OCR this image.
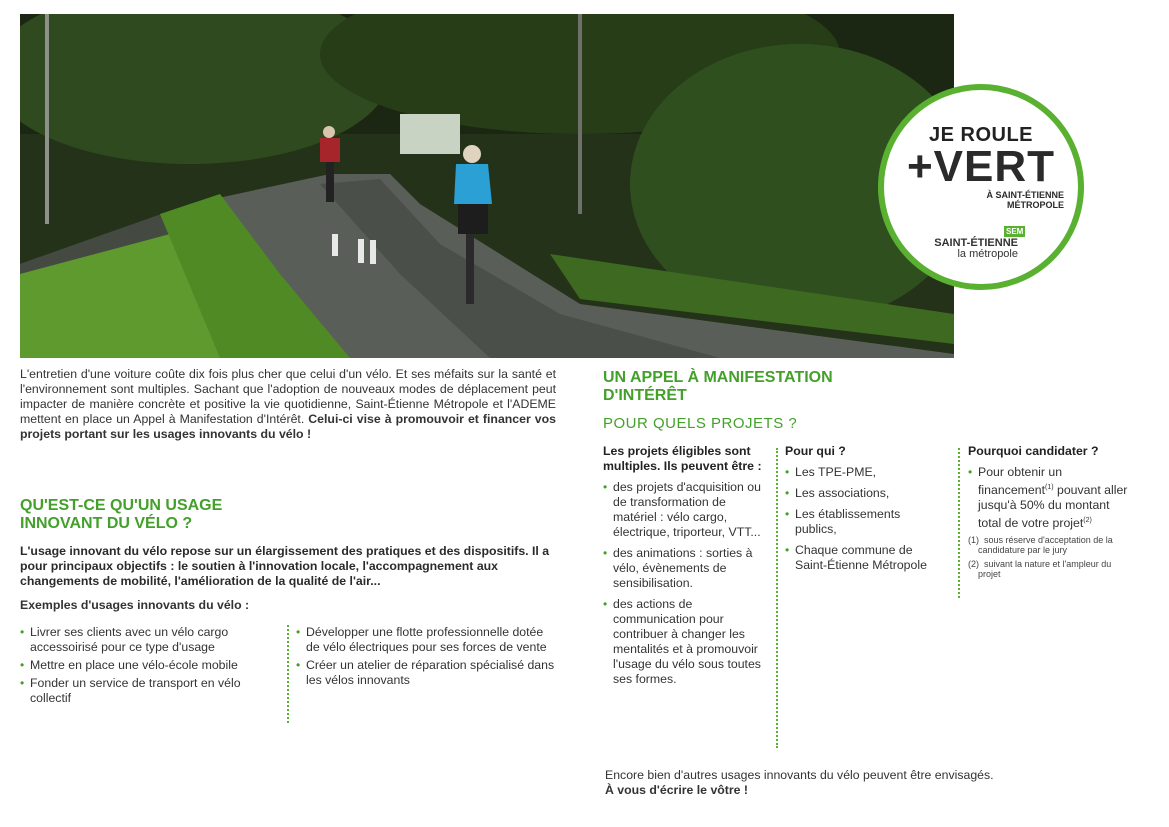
JE ROULE
+VERT
À SAINT-ÉTIENNE MÉTROPOLE
SEM
SAINT-ÉTIENNE
la métropole
L'entretien d'une voiture coûte dix fois plus cher que celui d'un vélo. Et ses méfaits sur la santé et l'environnement sont multiples. Sachant que l'adoption de nouveaux modes de déplacement peut impacter de manière concrète et positive la vie quotidienne, Saint-Étienne Métropole et l'ADEME mettent en place un Appel à Manifestation d'Intérêt. Celui-ci vise à promouvoir et financer vos projets portant sur les usages innovants du vélo !
QU'EST-CE QU'UN USAGE
INNOVANT DU VÉLO ?
L'usage innovant du vélo repose sur un élargissement des pratiques et des dispositifs. Il a pour principaux objectifs : le soutien à l'innovation locale, l'accompagnement aux changements de mobilité, l'amélioration de la qualité de l'air...
Exemples d'usages innovants du vélo :
• Livrer ses clients avec un vélo cargo accessoirisé pour ce type d'usage
• Mettre en place une vélo-école mobile
• Fonder un service de transport en vélo collectif
• Développer une flotte professionnelle dotée de vélo électriques pour ses forces de vente
• Créer un atelier de réparation spécialisé dans les vélos innovants
UN APPEL À MANIFESTATION
D'INTÉRÊT
POUR QUELS PROJETS ?
Les projets éligibles sont multiples. Ils peuvent être :
• des projets d'acquisition ou de transformation de matériel : vélo cargo, électrique, triporteur, VTT...
• des animations : sorties à vélo, évènements de sensibilisation.
• des actions de communication pour contribuer à changer les mentalités et à promouvoir l'usage du vélo sous toutes ses formes.
Pour qui ?
• Les TPE-PME,
• Les associations,
• Les établissements publics,
• Chaque commune de Saint-Étienne Métropole
Pourquoi candidater ?
• Pour obtenir un financement$^{(1)}$ pouvant aller jusqu'à 50% du montant total de votre projet$^{(2)}$
(1) sous réserve d'acceptation de la candidature par le jury
(2) suivant la nature et l'ampleur du projet
Encore bien d'autres usages innovants du vélo peuvent être envisagés.
À vous d'écrire le vôtre !
